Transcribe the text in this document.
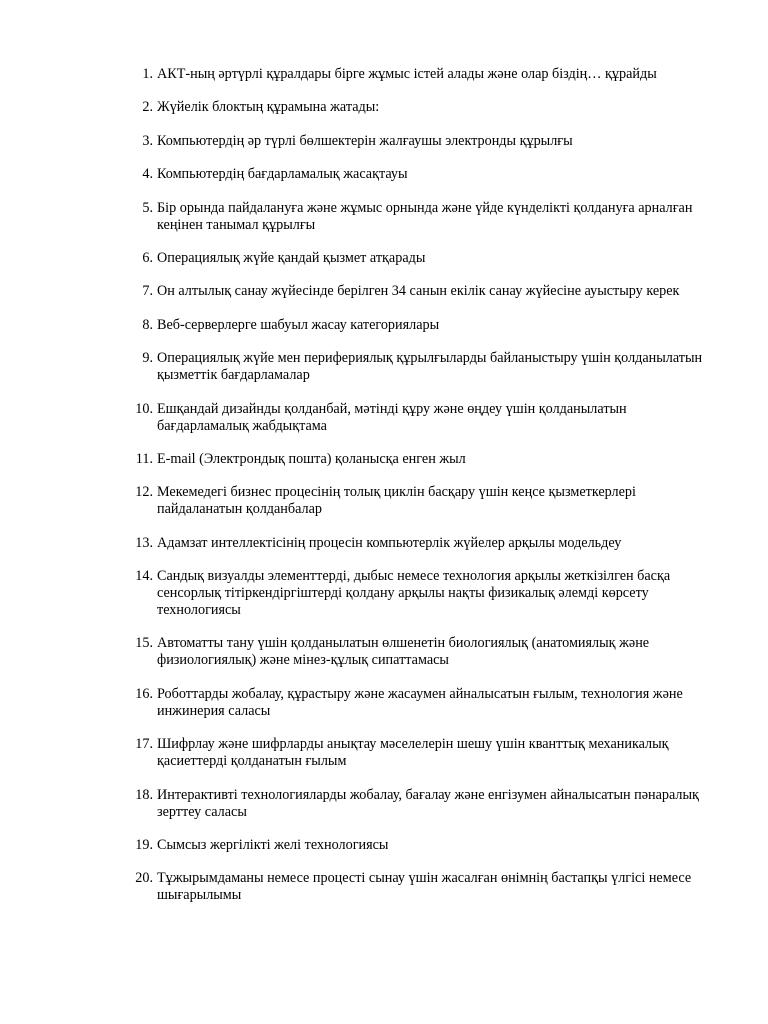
1. АКТ-ның әртүрлі құралдары бірге жұмыс істей алады және олар біздің… құрайды
2. Жүйелік блоктың құрамына жатады:
3. Компьютердің әр түрлі бөлшектерін жалғаушы электронды құрылғы
4. Компьютердің бағдарламалық жасақтауы
5. Бір орында пайдалануға және жұмыс орнында және үйде күнделікті қолдануға арналған кеңінен танымал құрылғы
6. Операциялық жүйе қандай қызмет атқарады
7. Он алтылық санау жүйесінде берілген 34 санын екілік санау жүйесіне ауыстыру керек
8. Веб-серверлерге шабуыл жасау категориялары
9. Операциялық жүйе мен перифериялық құрылғыларды байланыстыру үшін қолданылатын қызметтік бағдарламалар
10. Ешқандай дизайнды қолданбай, мәтінді құру және өңдеу үшін қолданылатын бағдарламалық жабдықтама
11. E-mail (Электрондық пошта) қоланысқа енген жыл
12. Мекемедегі бизнес процесінің толық циклін басқару үшін кеңсе қызметкерлері пайдаланатын қолданбалар
13. Адамзат интеллектісінің процесін компьютерлік жүйелер арқылы модельдеу
14. Сандық визуалды элементтерді, дыбыс немесе технология арқылы жеткізілген басқа сенсорлық тітіркендіргіштерді қолдану арқылы нақты физикалық әлемді көрсету технологиясы
15. Автоматты тану үшін қолданылатын өлшенетін биологиялық (анатомиялық және физиологиялық) және мінез-құлық сипаттамасы
16. Роботтарды жобалау, құрастыру және жасаумен айналысатын ғылым, технология және инжинерия саласы
17. Шифрлау және шифрларды анықтау мәселелерін шешу үшін кванттық механикалық қасиеттерді қолданатын ғылым
18. Интерактивті технологияларды жобалау, бағалау және енгізумен айналысатын пәнаралық зерттеу саласы
19. Сымсыз жергілікті желі технологиясы
20. Тұжырымдаманы немесе процесті сынау үшін жасалған өнімнің бастапқы үлгісі немесе шығарылымы
